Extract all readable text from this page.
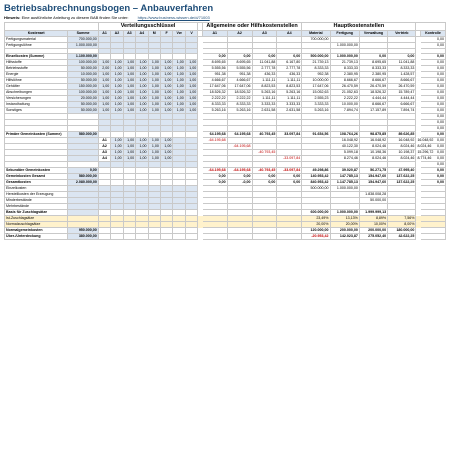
Betriebsabrechnungsbogen – Anbauverfahren
Hinweis: Eine ausführliche Anleitung zu diesem BAB finden Sie unter: https://www.business-wissen.de/d/71003
		Verteilungsschlüssel									Allgemeine oder Hilfskostenstellen				Hauptkostenstellen					
Kostenart	Summe	A1	A2	A3	A4	M	F	Vw	V		A1	A2	A3	A4	Material	Fertigung	Verwaltung	Vertrieb		Kontrolle
Fertigungsmaterial	700.000,00														700.000,00					0,00
Fertigungslöhne	1.000.000,00															1.000.000,00				0,00

Einzelkosten (Summe)	1.100.000,00										0,00	0,00	0,00	0,00	500.000,00	1.000.000,00	0,00	0,00		0,00
Hilfsstoffe	100.000,00	1,00	1,00	1,00	1,00	1,00	1,00	1,00	1,00		8.695,65	8.695,65	11.041,88	6.167,80	21.739,13	21.739,13	8.695,65	11.041,88		0,00
Betriebsstoffe	50.000,00	2,00	1,00	1,00	1,00	1,00	1,00	1,00	1,00		5.555,56	5.555,56	2.777,78	2.777,78	8.333,33	8.333,33	8.333,33	8.333,33		0,00
Energie	10.000,00	1,00	1,00	1,00	1,00	1,00	1,00	1,00	1,00		951,38	951,38	436,33	436,33	952,38	2.380,95	2.380,95	1.428,57		0,00
Hilfslöhne	50.000,00	1,00	1,00	1,00	1,00	1,00	1,00	1,00	1,00		4.666,67	4.666,67	1.111,11	1.111,11	10.000,00	8.666,67	8.666,67	8.666,67		0,00
Gehälter	150.000,00	1,00	1,00	1,00	1,00	1,00	1,00	1,00	1,00		17.647,06	17.647,06	8.823,53	8.823,53	17.647,06	26.470,59	26.470,59	26.470,59		0,00
Abschreibungen	100.000,00	1,00	1,00	1,00	1,00	1,00	1,00	1,00	1,00		18.526,32	18.526,32	5.263,16	5.263,16	15.052,63	21.052,63	18.526,32	15.789,47		0,00
Versicherungen	20.000,00	1,00	1,00	1,00	1,00	1,00	1,00	1,00	1,00		2.222,22	2.222,22	1.111,11	1.111,11	2.555,23	2.222,22	4.444,44	4.444,44		0,00
Instandhaltung	50.000,00	1,00	1,00	1,00	1,00	1,00	1,00	1,00	1,00		8.333,33	8.333,33	3.333,33	3.333,33	3.333,33	10.000,00	8.666,67	6.666,67		0,00
Sonstiges	50.000,00	1,00	1,00	1,00	1,00	1,00	1,00	1,00	1,00		5.263,16	5.263,16	2.631,58	2.631,58	5.263,16	7.894,74	17.157,89	7.894,74		0,00
																				0,00
																				0,00
																				0,00
Primäre Gemeinkosten (Summe)	580.000,00										64.195,68	64.195,68	40.793,45	33.097,84	91.654,56	108.764,26	98.875,85	89.626,85		0,00
		A1	1,00	1,00	1,00	1,00	1,00				-64.195,68					16.048,92	16.048,92	16.048,92	16.048,92	0,00
		A2	1,00	1,00	1,00	1,00	1,00					-64.195,68				40.122,30	8.024,46	8.024,46	8.024,46	0,00
		A3	1,00	1,00	1,00	1,00	1,00						-40.793,45			5.099,18	10.198,36	10.198,37	15.296,72	0,00
		A4	1,00	1,00	1,00	1,00	1,00							-33.097,84		8.274,46	8.024,46	8.024,46	8.774,46	0,00
																				0,00
Sekundäre Gemeinkosten	0,00										-64.195,68	-64.195,68	-40.793,45	-33.097,84	49.298,86	39.020,87	56.271,75	47.995,40		0,00
Gemeinkosten Gesamt	580.000,00										0,00	0,00	0,00	0,00	140.953,42	147.785,13	154.947,60	137.622,25		0,00
Gesamtkosten	2.080.000,00										0,00	-0,00	0,00	0,00	840.953,42	1.147.785,13	154.947,60	137.622,25		0,00
Einzelkosten															500.000,00	1.000.000,00				
Herstellkosten der Erzeugung																	1.838.008,28			
Minderbestände																	50.000,00			
Mehrbestände																				
Basis für Zuschlagsätze															600.000,00	1.000.000,00	1.999.999,13			
Ist-Zuschlagsätze															23,49%	13,13%	8,89%	7,56%		
Normalzuschlagsätze															20,00%	20,00%	10,00%	8,00%		
Normalgemeinkosten	950.000,00														120.000,00	200.000,00	200.000,00	180.000,00		
Über-/Unterdeckung	380.000,00														-20.953,42	142.023,87	275.052,40	42.622,25		
